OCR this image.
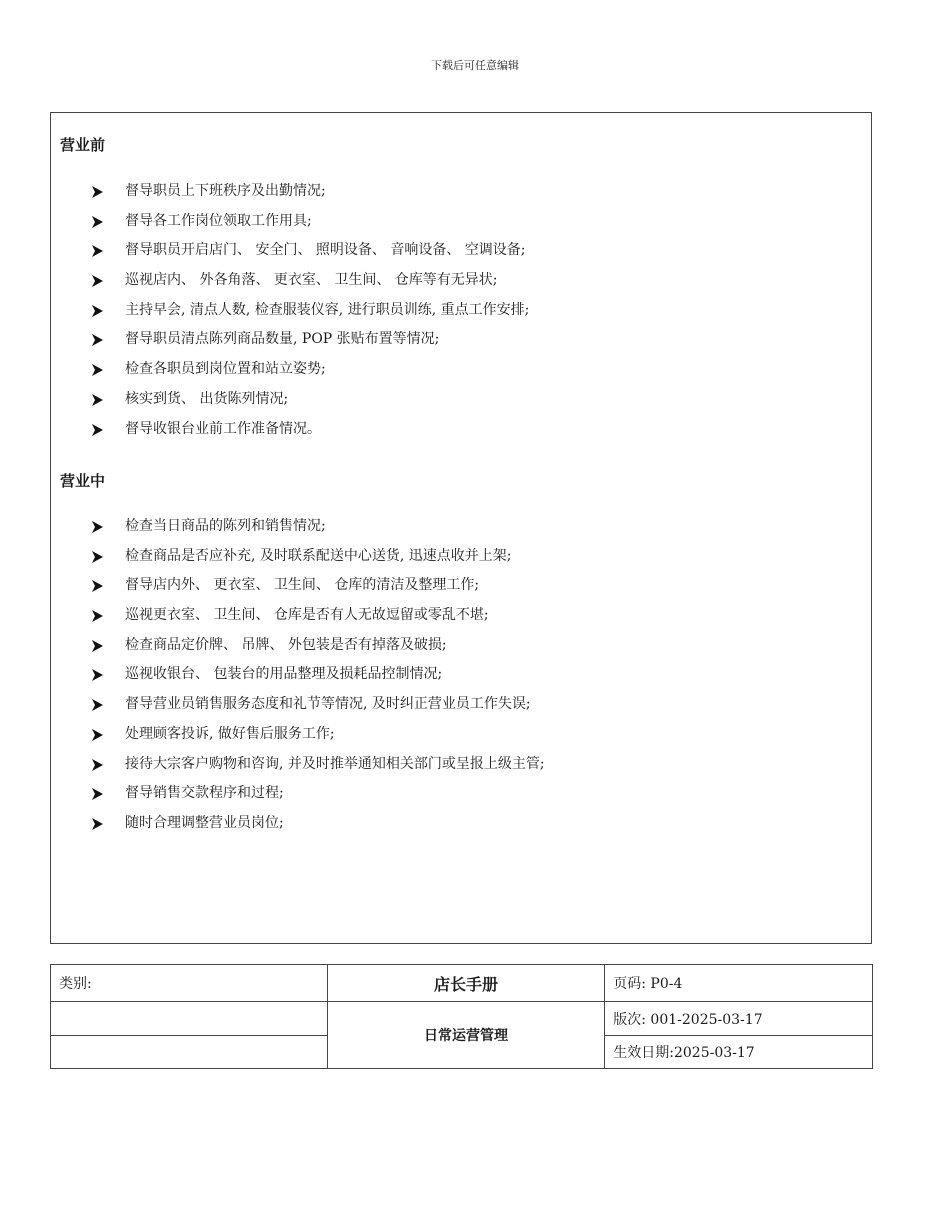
下载后可任意编辑
营业前
督导职员上下班秩序及出勤情况;
督导各工作岗位领取工作用具;
督导职员开启店门、 安全门、 照明设备、 音响设备、 空调设备;
巡视店内、 外各角落、 更衣室、 卫生间、 仓库等有无异状;
主持早会, 清点人数, 检查服装仪容, 进行职员训练, 重点工作安排;
督导职员清点陈列商品数量, POP 张贴布置等情况;
检查各职员到岗位置和站立姿势;
核实到货、 出货陈列情况;
督导收银台业前工作准备情况。
营业中
检查当日商品的陈列和销售情况;
检查商品是否应补充, 及时联系配送中心送货, 迅速点收并上架;
督导店内外、 更衣室、 卫生间、 仓库的清洁及整理工作;
巡视更衣室、 卫生间、 仓库是否有人无故逗留或零乱不堪;
检查商品定价牌、 吊牌、 外包装是否有掉落及破损;
巡视收银台、 包装台的用品整理及损耗品控制情况;
督导营业员销售服务态度和礼节等情况, 及时纠正营业员工作失误;
处理顾客投诉, 做好售后服务工作;
接待大宗客户购物和咨询, 并及时推举通知相关部门或呈报上级主管;
督导销售交款程序和过程;
随时合理调整营业员岗位;
类别:	店长手册	页码: P0-4
	日常运营管理	版次: 001-2025-03-17
		生效日期:2025-03-17
